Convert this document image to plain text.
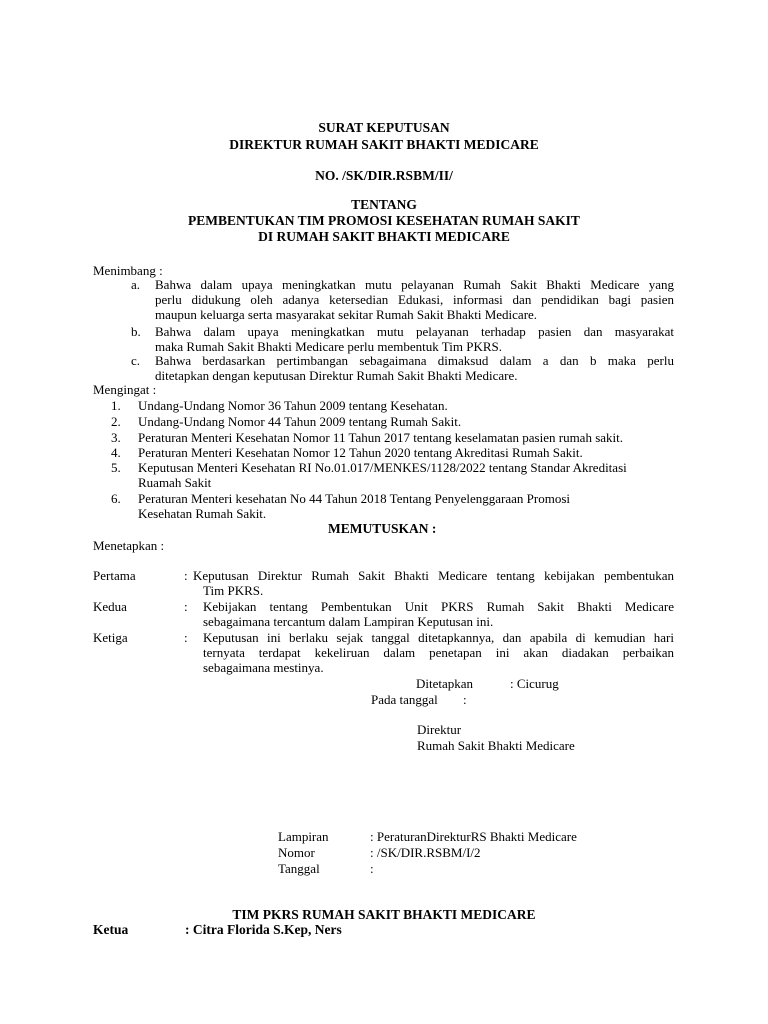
SURAT KEPUTUSAN
DIREKTUR RUMAH SAKIT BHAKTI MEDICARE
NO. /SK/DIR.RSBM/II/
TENTANG
PEMBENTUKAN TIM PROMOSI KESEHATAN RUMAH SAKIT
DI RUMAH SAKIT BHAKTI MEDICARE
Menimbang :
a. Bahwa dalam upaya meningkatkan mutu pelayanan Rumah Sakit Bhakti Medicare yang
perlu didukung oleh adanya ketersedian Edukasi, informasi dan pendidikan bagi pasien
maupun keluarga serta masyarakat sekitar Rumah Sakit Bhakti Medicare.
b. Bahwa dalam upaya meningkatkan mutu pelayanan terhadap pasien dan masyarakat
maka Rumah Sakit Bhakti Medicare perlu membentuk Tim PKRS.
c. Bahwa berdasarkan pertimbangan sebagaimana dimaksud dalam a dan b maka perlu
ditetapkan dengan keputusan Direktur Rumah Sakit Bhakti Medicare.
Mengingat :
1. Undang-Undang Nomor 36 Tahun 2009 tentang Kesehatan.
2. Undang-Undang Nomor 44 Tahun 2009 tentang Rumah Sakit.
3. Peraturan Menteri Kesehatan Nomor 11 Tahun 2017 tentang keselamatan pasien rumah sakit.
4. Peraturan Menteri Kesehatan Nomor 12 Tahun 2020 tentang Akreditasi Rumah Sakit.
5. Keputusan Menteri Kesehatan RI No.01.017/MENKES/1128/2022 tentang Standar Akreditasi
Ruamah Sakit
6. Peraturan Menteri kesehatan No 44 Tahun 2018 Tentang Penyelenggaraan Promosi
Kesehatan Rumah Sakit.
MEMUTUSKAN :
Menetapkan :
Pertama	: Keputusan Direktur Rumah Sakit Bhakti Medicare tentang kebijakan pembentukan
Tim PKRS.
Kedua	: Kebijakan tentang Pembentukan Unit PKRS Rumah Sakit Bhakti Medicare
sebagaimana tercantum dalam Lampiran Keputusan ini.
Ketiga	: Keputusan ini berlaku sejak tanggal ditetapkannya, dan apabila di kemudian hari
ternyata terdapat kekeliruan dalam penetapan ini akan diadakan perbaikan
sebagaimana mestinya.
Ditetapkan	: Cicurug
Pada tanggal :
Direktur
Rumah Sakit Bhakti Medicare
Lampiran	: PeraturanDirekturRS Bhakti Medicare
Nomor	: /SK/DIR.RSBM/I/2
Tanggal	:
TIM PKRS RUMAH SAKIT BHAKTI MEDICARE
Ketua	: Citra Florida S.Kep, Ners
